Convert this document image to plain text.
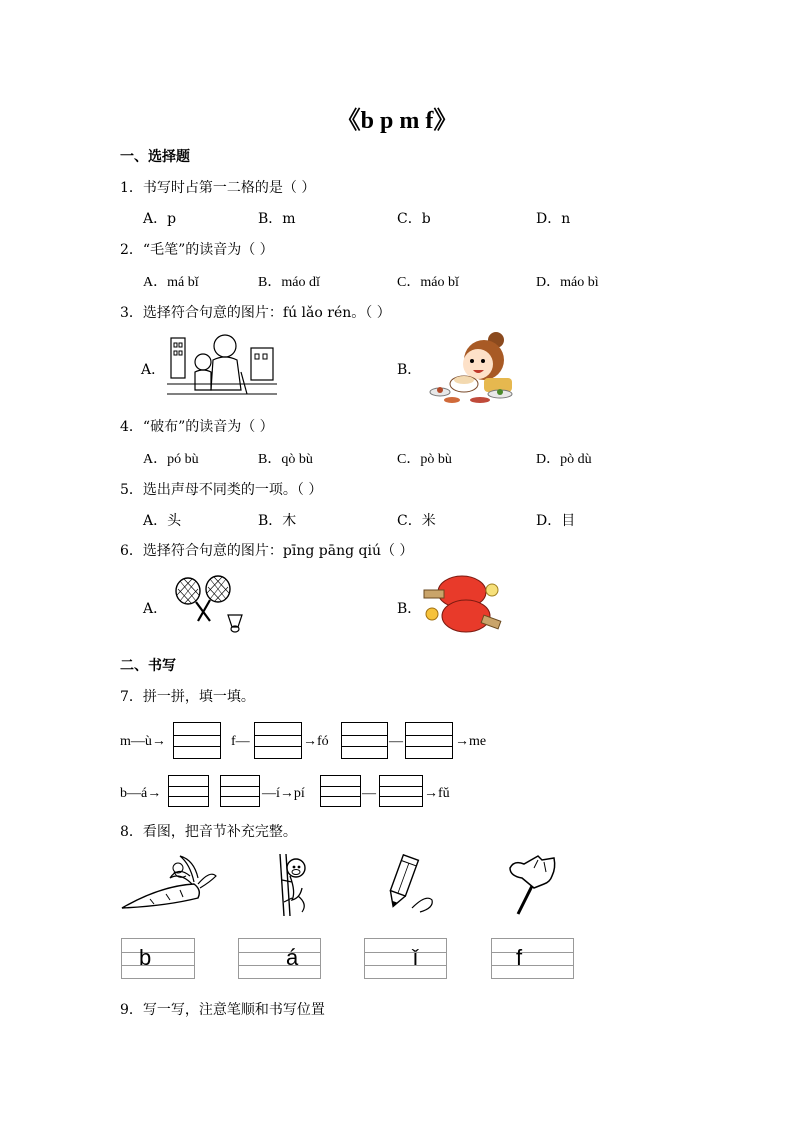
《b p m f》
一、选择题
1．书写时占第一二格的是（ ）
A．p	B．m	C．b	D．n
2．“毛笔”的读音为（ ）
A．má bǐ	B．máo dǐ	C．máo bǐ	D．máo bì
3．选择符合句意的图片：fú lǎo rén。（ ）
A．	B．
4．“破布”的读音为（ ）
A．pó bù	B．qò bù	C．pò bù	D．pò dù
5．选出声母不同类的一项。（ ）
A．头	B．木	C．米	D．目
6．选择符合句意的图片：pīng pāng qiú（ ）
A．	B．
二、书写
7．拼一拼，填一填。
m—ù→	f—	→fó	—	→me
b—á→	—í→pí	—	→fǔ
8．看图，把音节补充完整。
b	á	ǐ	f
9．写一写，注意笔顺和书写位置
